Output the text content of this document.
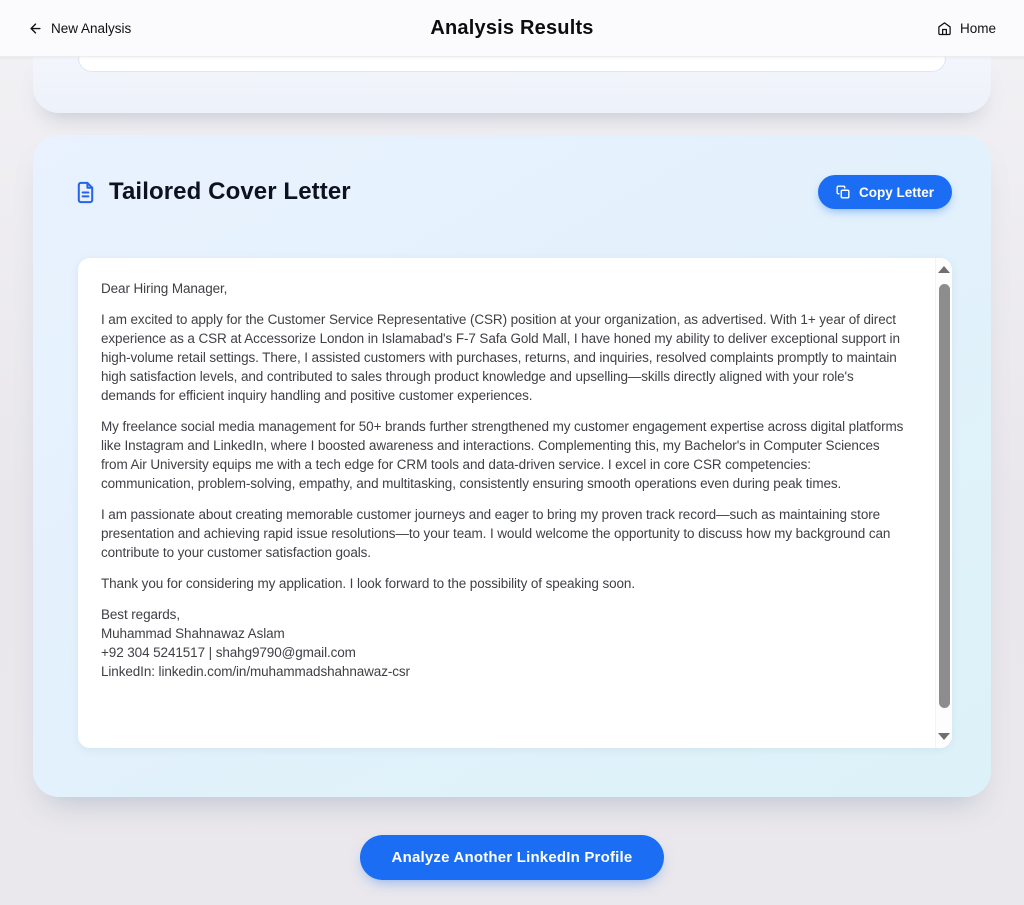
New Analysis	Analysis Results	Home
Tailored Cover Letter	Copy Letter

Dear Hiring Manager,

I am excited to apply for the Customer Service Representative (CSR) position at your organization, as advertised. With 1+ year of direct experience as a CSR at Accessorize London in Islamabad's F-7 Safa Gold Mall, I have honed my ability to deliver exceptional support in high-volume retail settings. There, I assisted customers with purchases, returns, and inquiries, resolved complaints promptly to maintain high satisfaction levels, and contributed to sales through product knowledge and upselling—skills directly aligned with your role's demands for efficient inquiry handling and positive customer experiences.

My freelance social media management for 50+ brands further strengthened my customer engagement expertise across digital platforms like Instagram and LinkedIn, where I boosted awareness and interactions. Complementing this, my Bachelor's in Computer Sciences from Air University equips me with a tech edge for CRM tools and data-driven service. I excel in core CSR competencies: communication, problem-solving, empathy, and multitasking, consistently ensuring smooth operations even during peak times.

I am passionate about creating memorable customer journeys and eager to bring my proven track record—such as maintaining store presentation and achieving rapid issue resolutions—to your team. I would welcome the opportunity to discuss how my background can contribute to your customer satisfaction goals.

Thank you for considering my application. I look forward to the possibility of speaking soon.

Best regards,

Muhammad Shahnawaz Aslam

+92 304 5241517 | shahg9790@gmail.com

LinkedIn: linkedin.com/in/muhammadshahnawaz-csr

Analyze Another LinkedIn Profile
